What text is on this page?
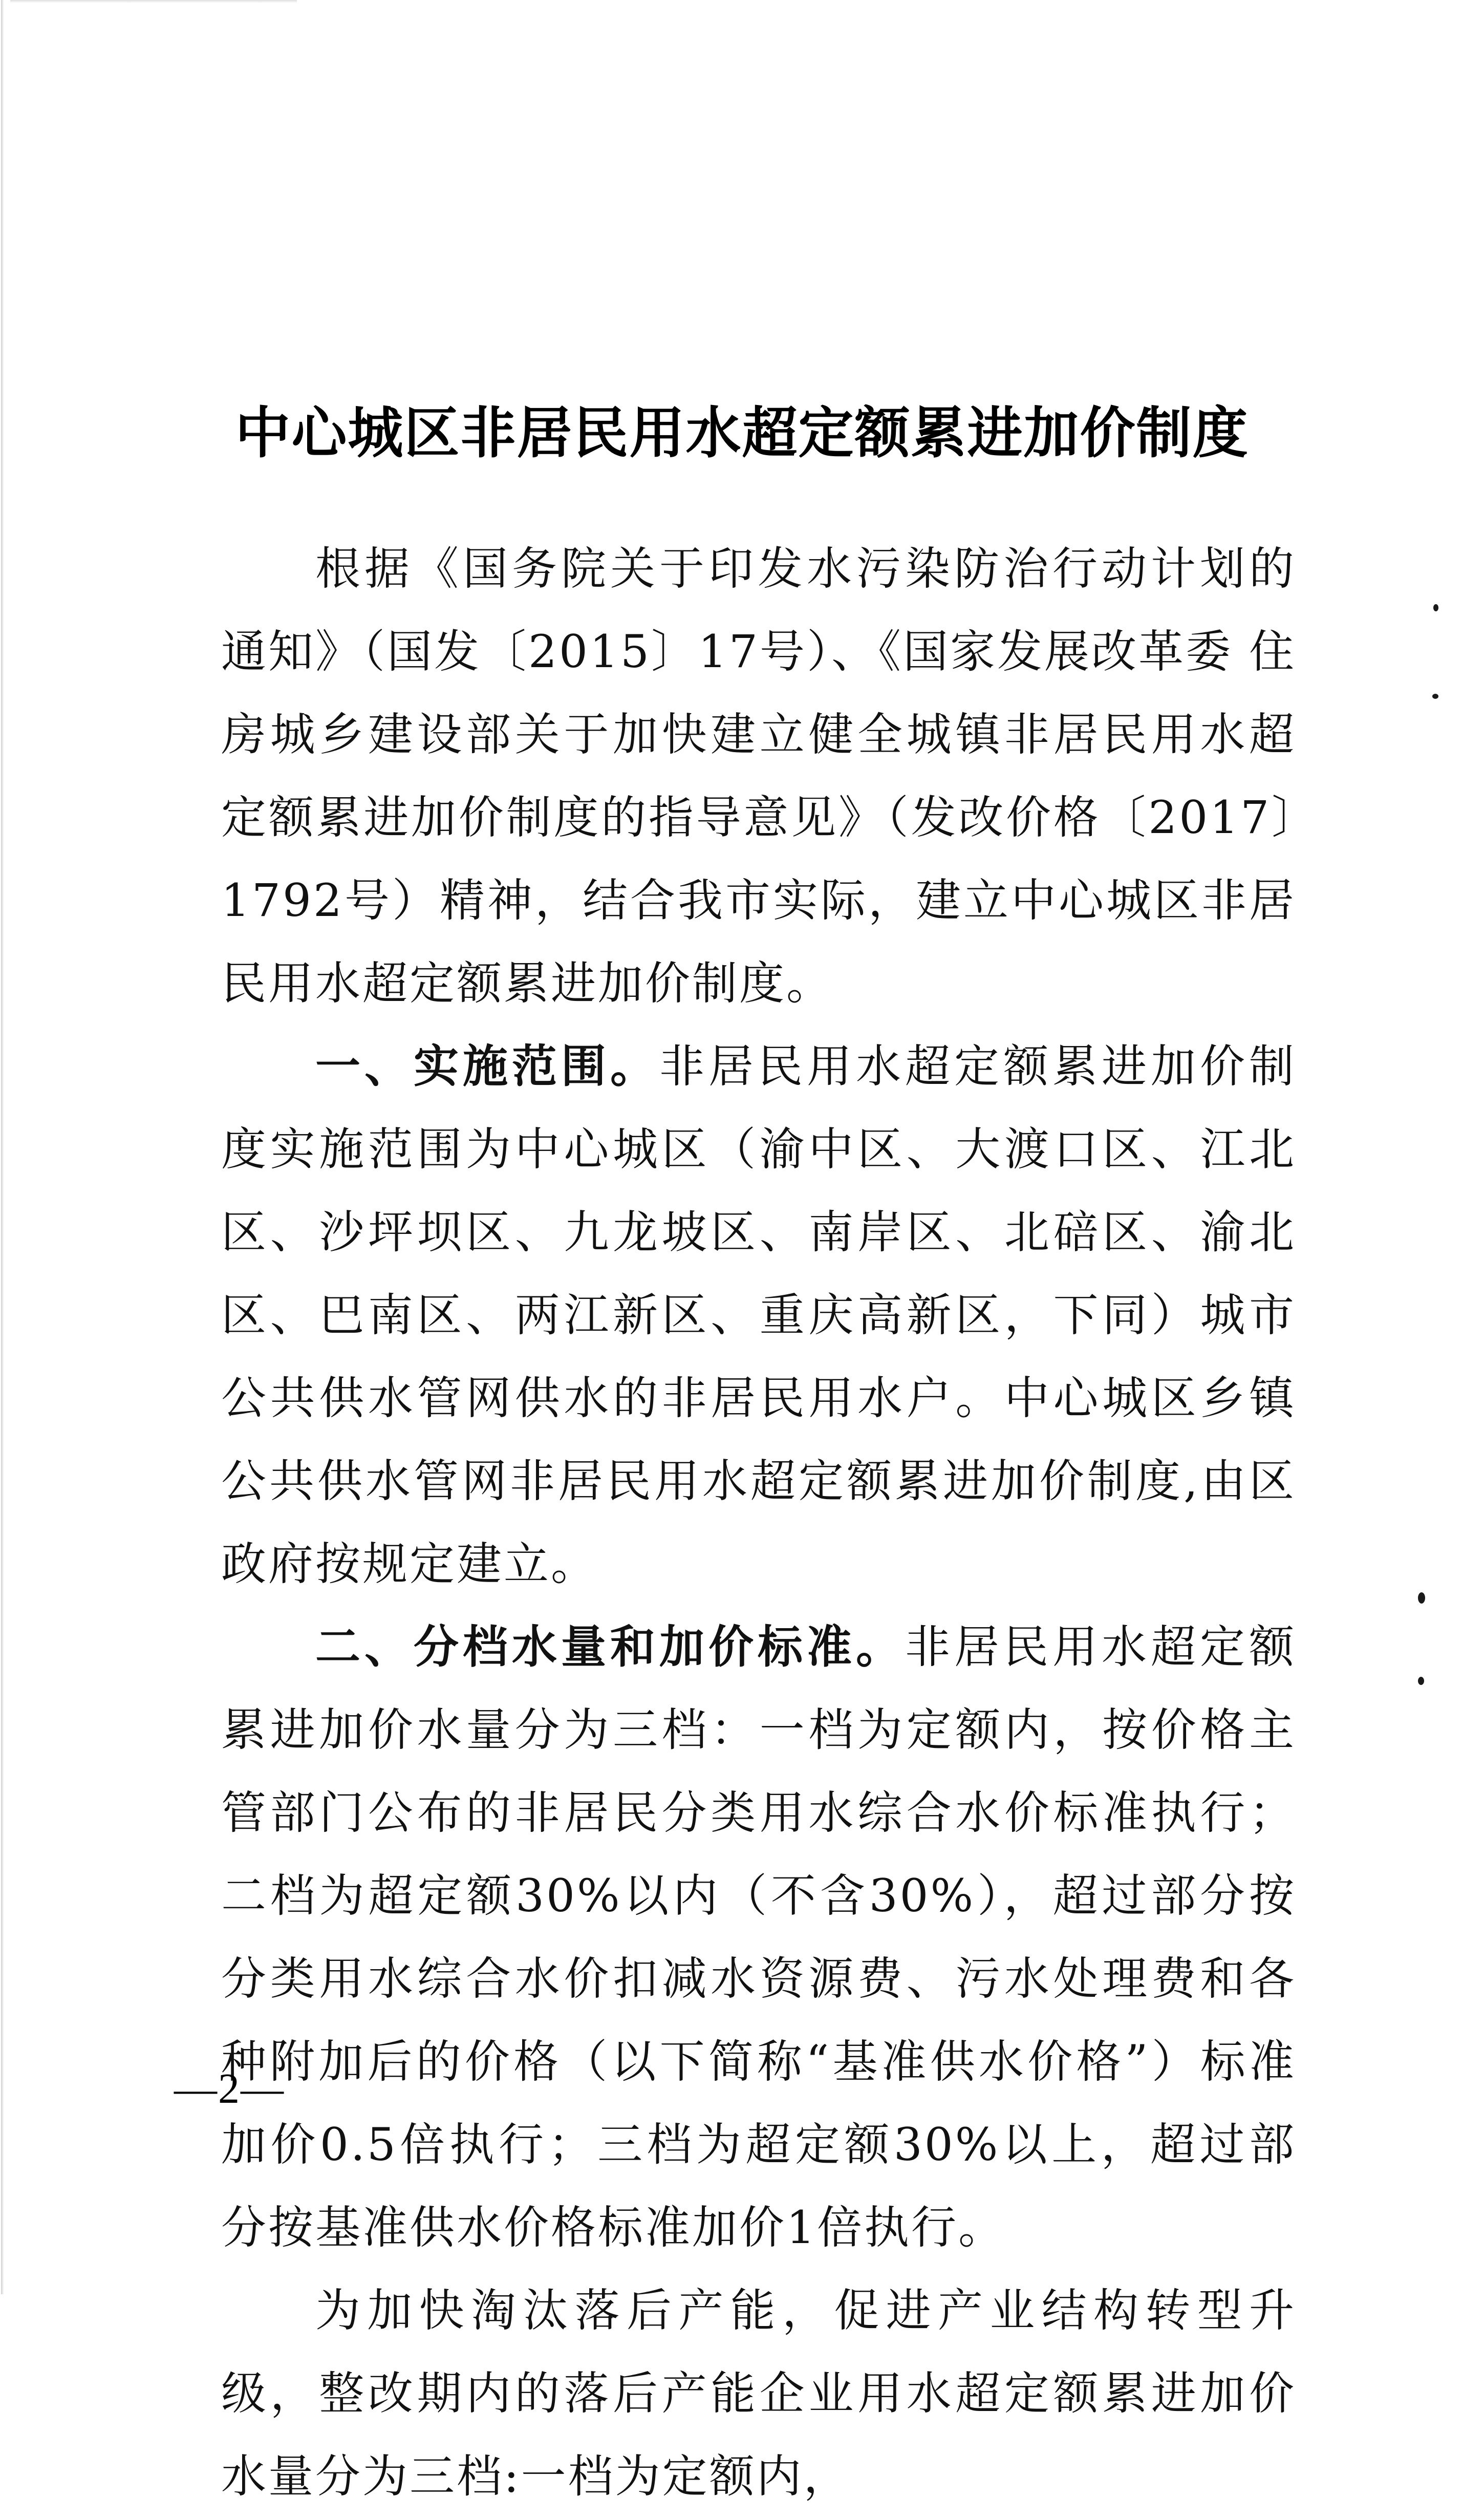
中心城区非居民用水超定额累进加价制度

根据《国务院关于印发水污染防治行动计划的通知》（国发〔2015〕17号）、《国家发展改革委 住房城乡建设部关于加快建立健全城镇非居民用水超定额累进加价制度的指导意见》（发改价格〔2017〕1792号）精神，结合我市实际，建立中心城区非居民用水超定额累进加价制度。

一、实施范围。非居民用水超定额累进加价制度实施范围为中心城区（渝中区、大渡口区、江北区、沙坪坝区、九龙坡区、南岸区、北碚区、渝北区、巴南区、两江新区、重庆高新区，下同）城市公共供水管网供水的非居民用水户。中心城区乡镇公共供水管网非居民用水超定额累进加价制度,由区政府按规定建立。

二、分档水量和加价标准。非居民用水超定额累进加价水量分为三档：一档为定额内，按价格主管部门公布的非居民分类用水综合水价标准执行；二档为超定额30%以内（不含30%），超过部分按分类用水综合水价扣减水资源费、污水处理费和各种附加后的价格（以下简称“基准供水价格”）标准加价0.5倍执行；三档为超定额30%以上，超过部分按基准供水价格标准加价1倍执行。

为加快淘汰落后产能，促进产业结构转型升级，整改期内的落后产能企业用水超定额累进加价水量分为三档:一档为定额内，

—2—
